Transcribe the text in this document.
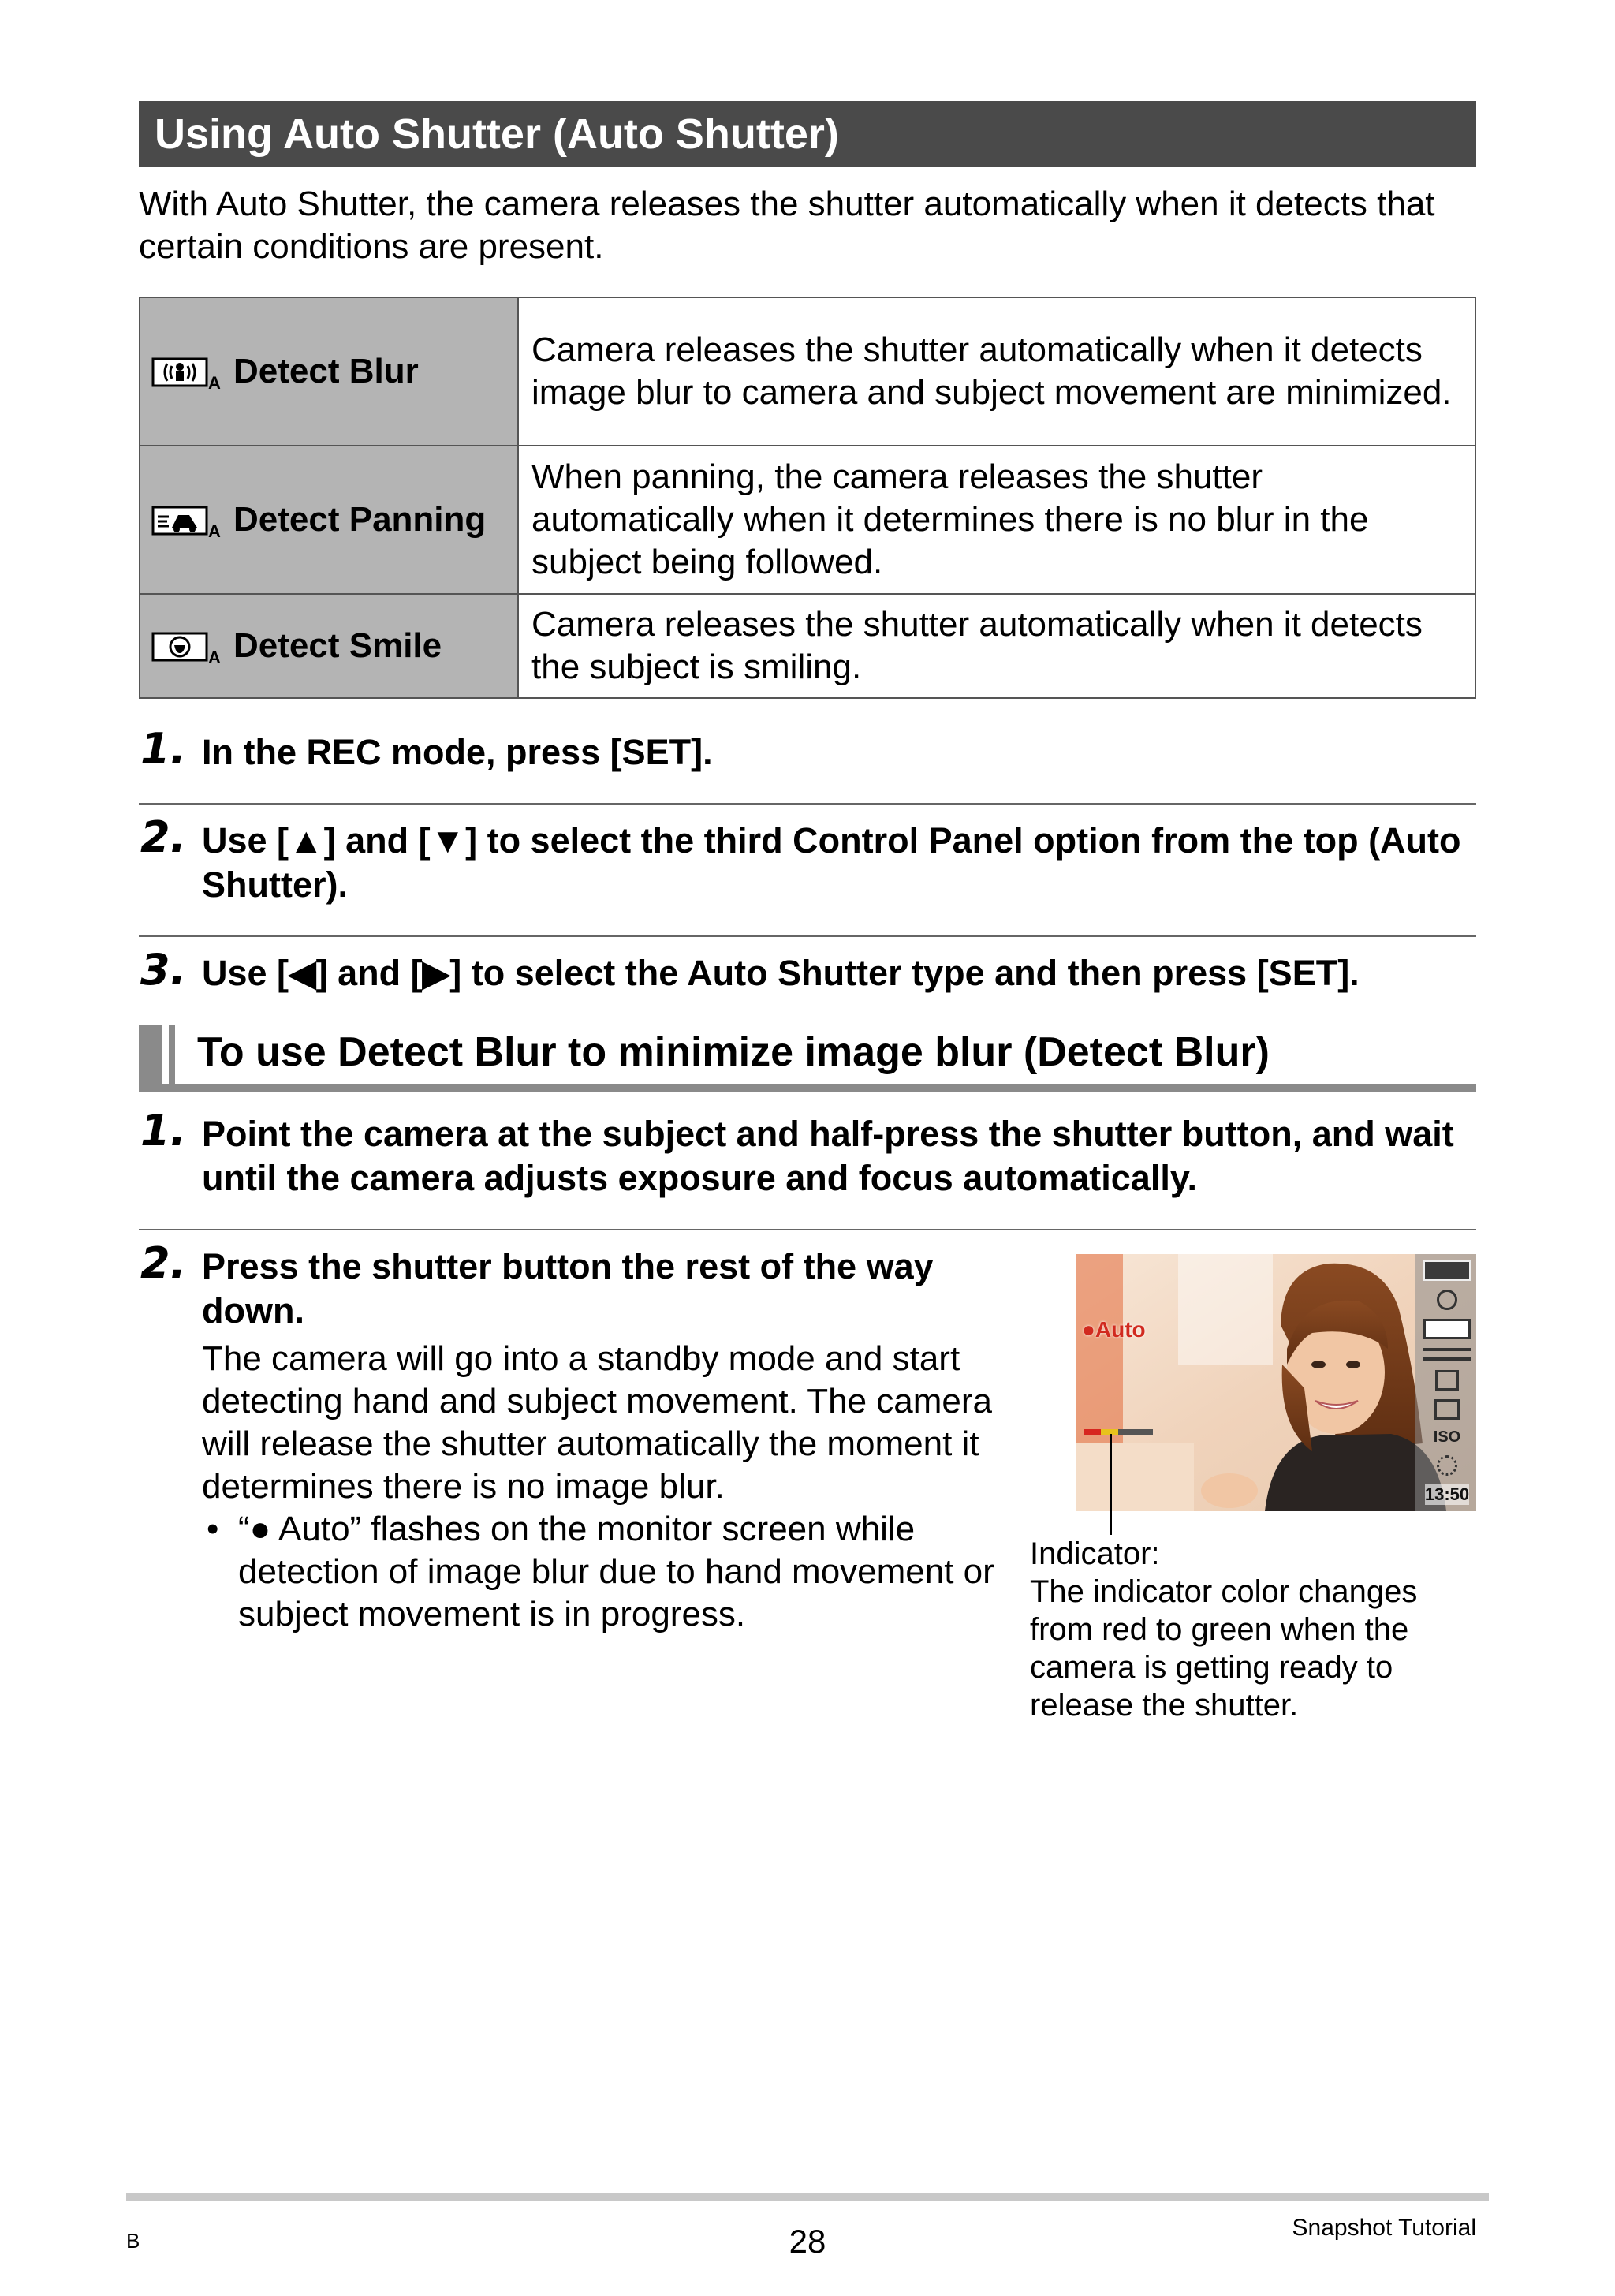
Using Auto Shutter (Auto Shutter)
With Auto Shutter, the camera releases the shutter automatically when it detects that certain conditions are present.
A Detect Blur	Camera releases the shutter automatically when it detects image blur to camera and subject movement are minimized.

A Detect Panning	When panning, the camera releases the shutter automatically when it determines there is no blur in the subject being followed.

A Detect Smile	Camera releases the shutter automatically when it detects the subject is smiling.
1. In the REC mode, press [SET].
2. Use [▲] and [▼] to select the third Control Panel option from the top (Auto Shutter).
3. Use [◀] and [▶] to select the Auto Shutter type and then press [SET].
To use Detect Blur to minimize image blur (Detect Blur)
1. Point the camera at the subject and half-press the shutter button, and wait until the camera adjusts exposure and focus automatically.
2. Press the shutter button the rest of the way down.
The camera will go into a standby mode and start detecting hand and subject movement. The camera will release the shutter automatically the moment it determines there is no image blur.
• “● Auto” flashes on the monitor screen while detection of image blur due to hand movement or subject movement is in progress.
●Auto
ISO
13:50
Indicator:
The indicator color changes from red to green when the camera is getting ready to release the shutter.
B	28	Snapshot Tutorial
